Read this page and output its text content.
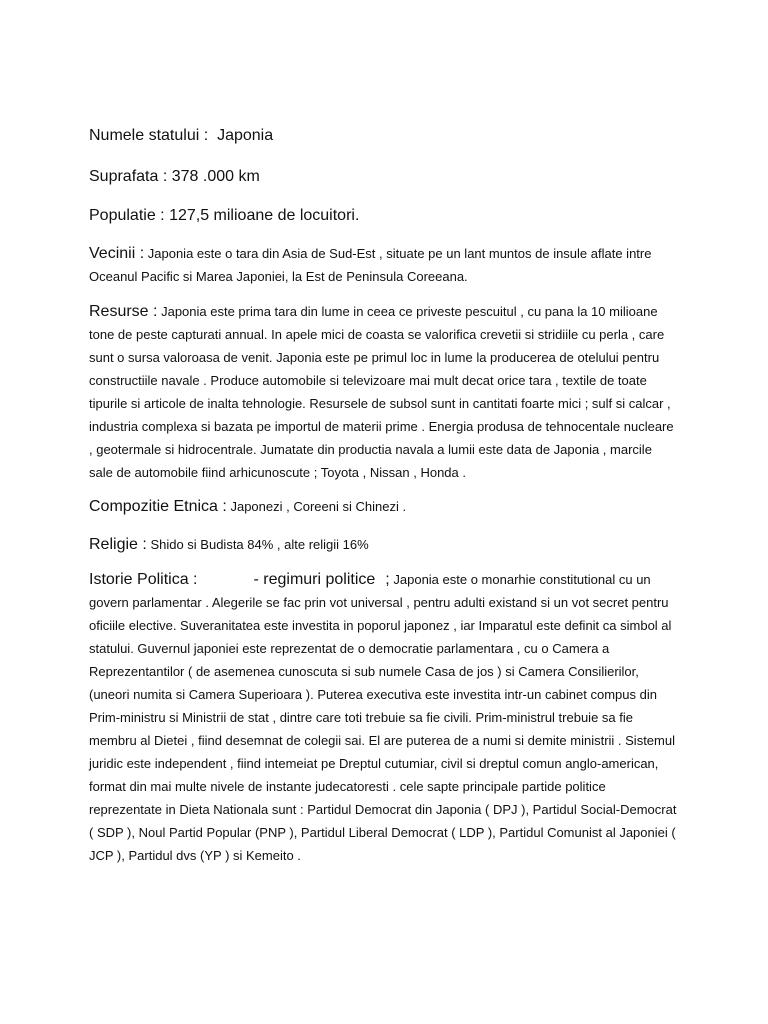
Numele statului : Japonia

Suprafata : 378 .000 km

Populatie : 127,5 milioane de locuitori.

Vecinii : Japonia este o tara din Asia de Sud-Est , situate pe un lant muntos de insule aflate intre Oceanul Pacific si Marea Japoniei, la Est de Peninsula Coreeana.

Resurse : Japonia este prima tara din lume in ceea ce priveste pescuitul , cu pana la 10 milioane tone de peste capturati annual. In apele mici de coasta se valorifica crevetii si stridiile cu perla , care sunt o sursa valoroasa de venit. Japonia este pe primul loc in lume la producerea de otelului pentru constructiile navale . Produce automobile si televizoare mai mult decat orice tara , textile de toate tipurile si articole de inalta tehnologie. Resursele de subsol sunt in cantitati foarte mici ; sulf si calcar , industria complexa si bazata pe importul de materii prime . Energia produsa de tehnocentale nucleare , geotermale si hidrocentrale. Jumatate din productia navala a lumii este data de Japonia , marcile sale de automobile fiind arhicunoscute ; Toyota , Nissan , Honda .

Compozitie Etnica : Japonezi , Coreeni si Chinezi .

Religie : Shido si Budista 84% , alte religii 16%

Istorie Politica :	- regimuri politice ; Japonia este o monarhie constitutional cu un govern parlamentar . Alegerile se fac prin vot universal , pentru adulti existand si un vot secret pentru oficiile elective. Suveranitatea este investita in poporul japonez , iar Imparatul este definit ca simbol al statului. Guvernul japoniei este reprezentat de o democratie parlamentara , cu o Camera a Reprezentantilor ( de asemenea cunoscuta si sub numele Casa de jos ) si Camera Consilierilor, (uneori numita si Camera Superioara ). Puterea executiva este investita intr-un cabinet compus din Prim-ministru si Ministrii de stat , dintre care toti trebuie sa fie civili. Prim-ministrul trebuie sa fie membru al Dietei , fiind desemnat de colegii sai. El are puterea de a numi si demite ministrii . Sistemul juridic este independent , fiind intemeiat pe Dreptul cutumiar, civil si dreptul comun anglo-american, format din mai multe nivele de instante judecatoresti . cele sapte principale partide politice reprezentate in Dieta Nationala sunt : Partidul Democrat din Japonia ( DPJ ), Partidul Social-Democrat ( SDP ), Noul Partid Popular (PNP ), Partidul Liberal Democrat ( LDP ), Partidul Comunist al Japoniei ( JCP ), Partidul dvs (YP ) si Kemeito .
